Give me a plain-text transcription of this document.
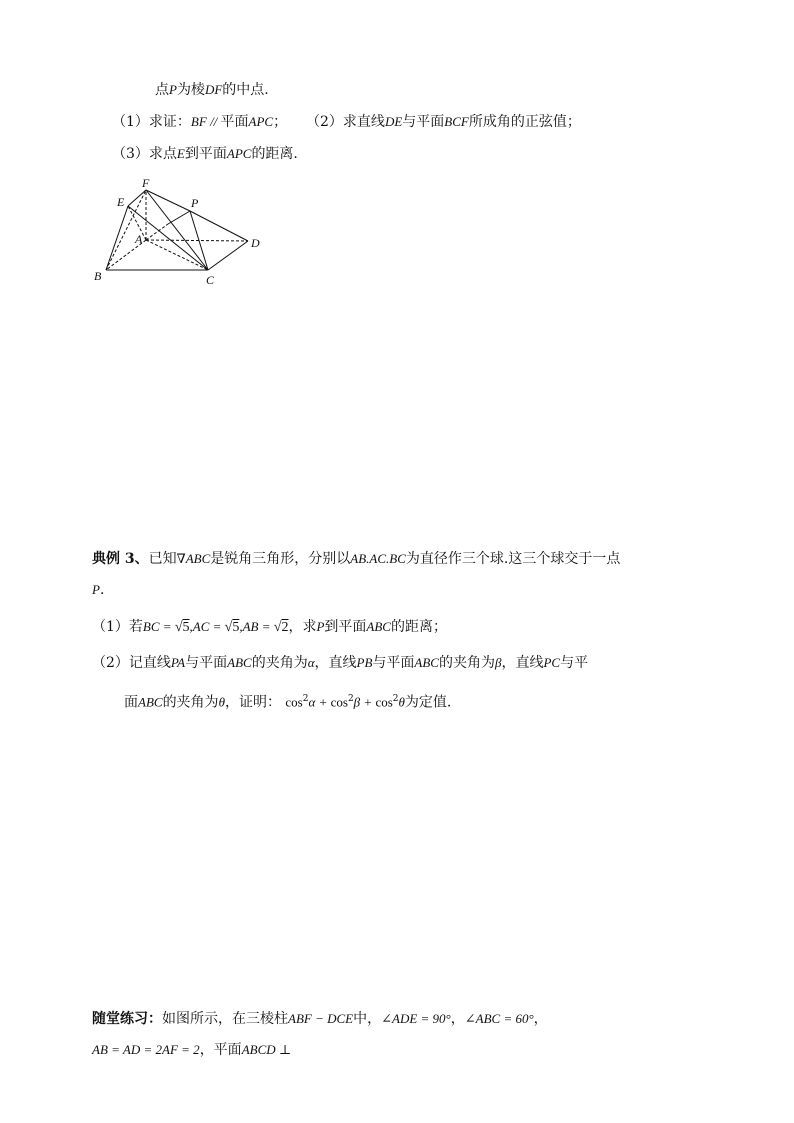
点P为棱DF的中点.
（1）求证：BF // 平面APC； （2）求直线DE与平面BCF所成角的正弦值；
（3）求点E到平面APC的距离.
F
E	P
A	D
B	C
典例 3、已知∇ABC是锐角三角形，分别以AB.AC.BC为直径作三个球.这三个球交于一点
P.
（1）若BC = √5,AC = √5,AB = √2，求P到平面ABC的距离；
（2）记直线PA与平面ABC的夹角为α，直线PB与平面ABC的夹角为β，直线PC与平
面ABC的夹角为θ，证明： $\cos^2\alpha + \cos^2\beta + \cos^2\theta$为定值.
随堂练习：如图所示，在三棱柱ABF − DCE中，∠ADE = 90°，∠ABC = 60°，
AB = AD = 2AF = 2，平面ABCD ⊥
